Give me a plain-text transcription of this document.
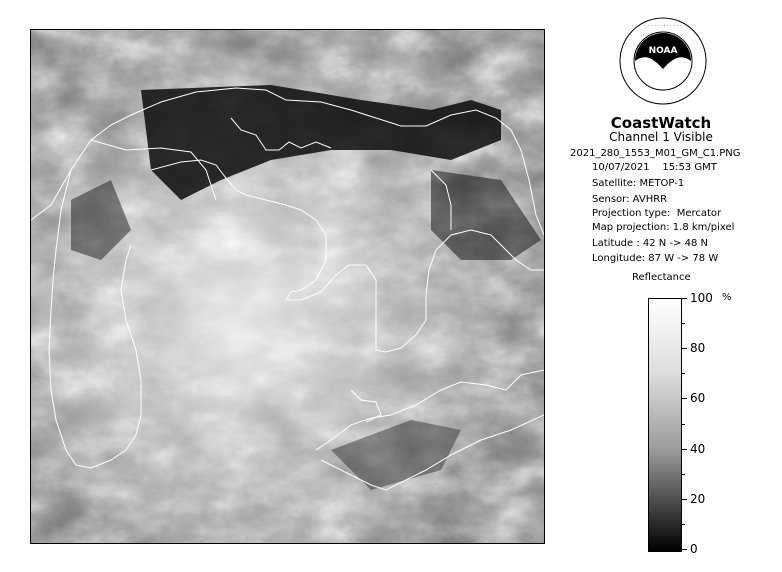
NOAA
· · · · · · · · · · · ·
CoastWatch
Channel 1 Visible
2021_280_1553_M01_GM_C1.PNG
10/07/2021    15:53 GMT
Satellite: METOP-1
Sensor: AVHRR
Projection type:  Mercator
Map projection: 1.8 km/pixel
Latitude : 42 N -> 48 N
Longitude: 87 W -> 78 W
Reflectance
100
80
60
40
20
0
%
